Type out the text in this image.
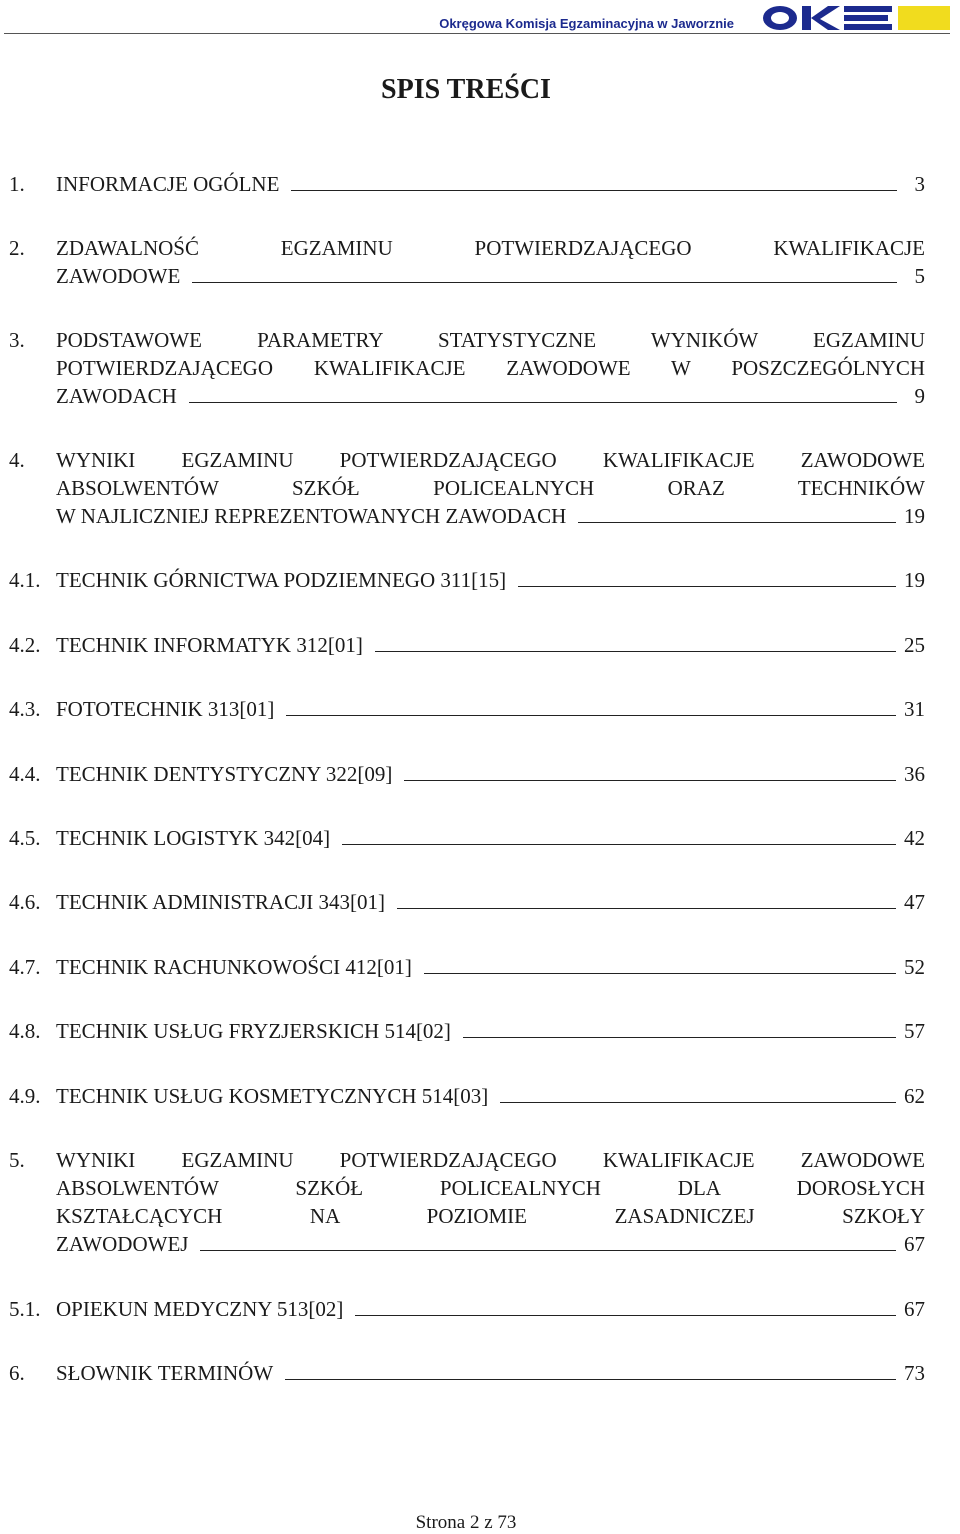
Okręgowa Komisja Egzaminacyjna w Jaworznie
SPIS TREŚCI
1. INFORMACJE OGÓLNE	3
2. ZDAWALNOŚĆ EGZAMINU POTWIERDZAJĄCEGO KWALIFIKACJE
ZAWODOWE	5
3. PODSTAWOWE PARAMETRY STATYSTYCZNE WYNIKÓW EGZAMINU
POTWIERDZAJĄCEGO KWALIFIKACJE ZAWODOWE W POSZCZEGÓLNYCH
ZAWODACH	9
4. WYNIKI EGZAMINU POTWIERDZAJĄCEGO KWALIFIKACJE ZAWODOWE
ABSOLWENTÓW SZKÓŁ POLICEALNYCH ORAZ TECHNIKÓW
W NAJLICZNIEJ REPREZENTOWANYCH ZAWODACH	19
4.1. TECHNIK GÓRNICTWA PODZIEMNEGO 311[15]	19
4.2. TECHNIK INFORMATYK 312[01]	25
4.3. FOTOTECHNIK 313[01]	31
4.4. TECHNIK DENTYSTYCZNY 322[09]	36
4.5. TECHNIK LOGISTYK 342[04]	42
4.6. TECHNIK ADMINISTRACJI 343[01]	47
4.7. TECHNIK RACHUNKOWOŚCI 412[01]	52
4.8. TECHNIK USŁUG FRYZJERSKICH 514[02]	57
4.9. TECHNIK USŁUG KOSMETYCZNYCH 514[03]	62
5. WYNIKI EGZAMINU POTWIERDZAJĄCEGO KWALIFIKACJE ZAWODOWE
ABSOLWENTÓW SZKÓŁ POLICEALNYCH DLA DOROSŁYCH
KSZTAŁCĄCYCH NA POZIOMIE ZASADNICZEJ SZKOŁY
ZAWODOWEJ	67
5.1. OPIEKUN MEDYCZNY 513[02]	67
6. SŁOWNIK TERMINÓW	73
Strona 2 z 73
